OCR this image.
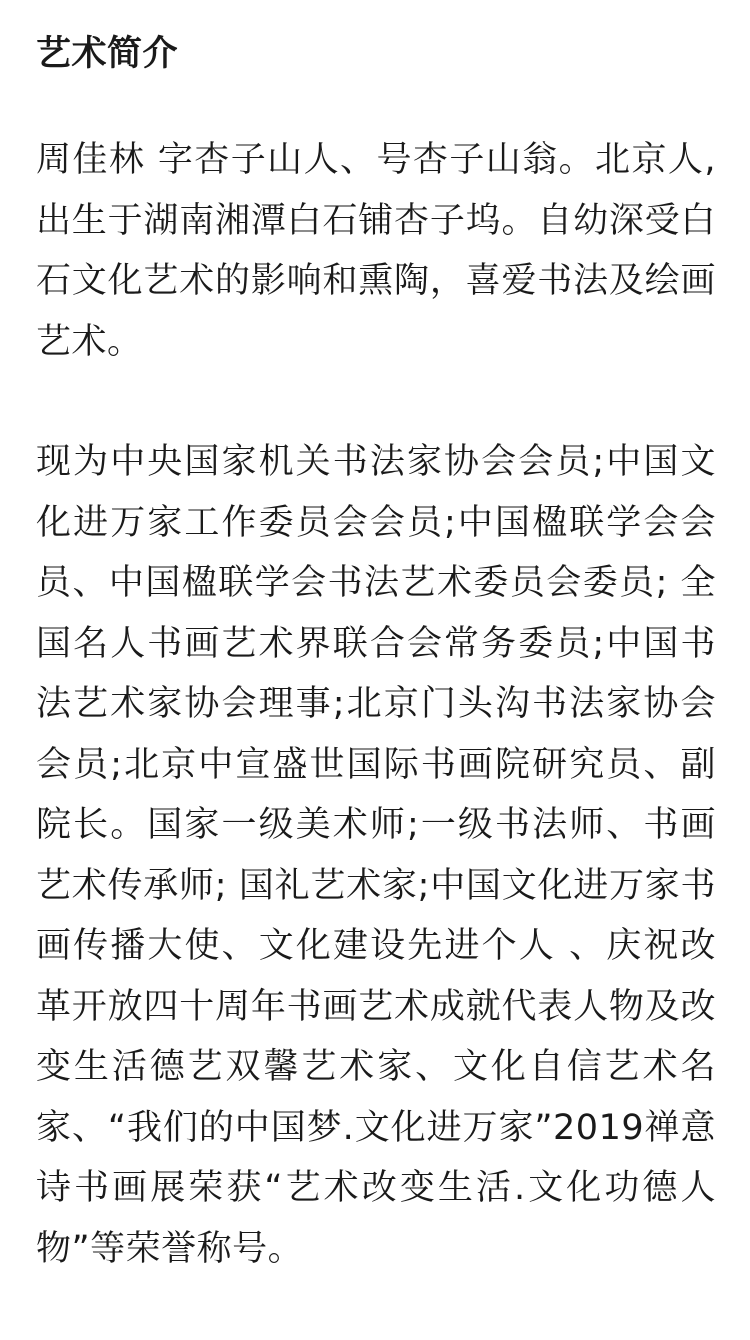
艺术简介

周佳林 字杏子山人、号杏子山翁。北京人,出生于湖南湘潭白石铺杏子坞。自幼深受白石文化艺术的影响和熏陶，喜爱书法及绘画艺术。

现为中央国家机关书法家协会会员;中国文化进万家工作委员会会员;中国楹联学会会员、中国楹联学会书法艺术委员会委员; 全国名人书画艺术界联合会常务委员;中国书法艺术家协会理事;北京门头沟书法家协会会员;北京中宣盛世国际书画院研究员、副院长。国家一级美术师;一级书法师、书画艺术传承师; 国礼艺术家;中国文化进万家书画传播大使、文化建设先进个人 、庆祝改革开放四十周年书画艺术成就代表人物及改变生活德艺双馨艺术家、文化自信艺术名家、“我们的中国梦.文化进万家”2019禅意诗书画展荣获“艺术改变生活.文化功德人物”等荣誉称号。
